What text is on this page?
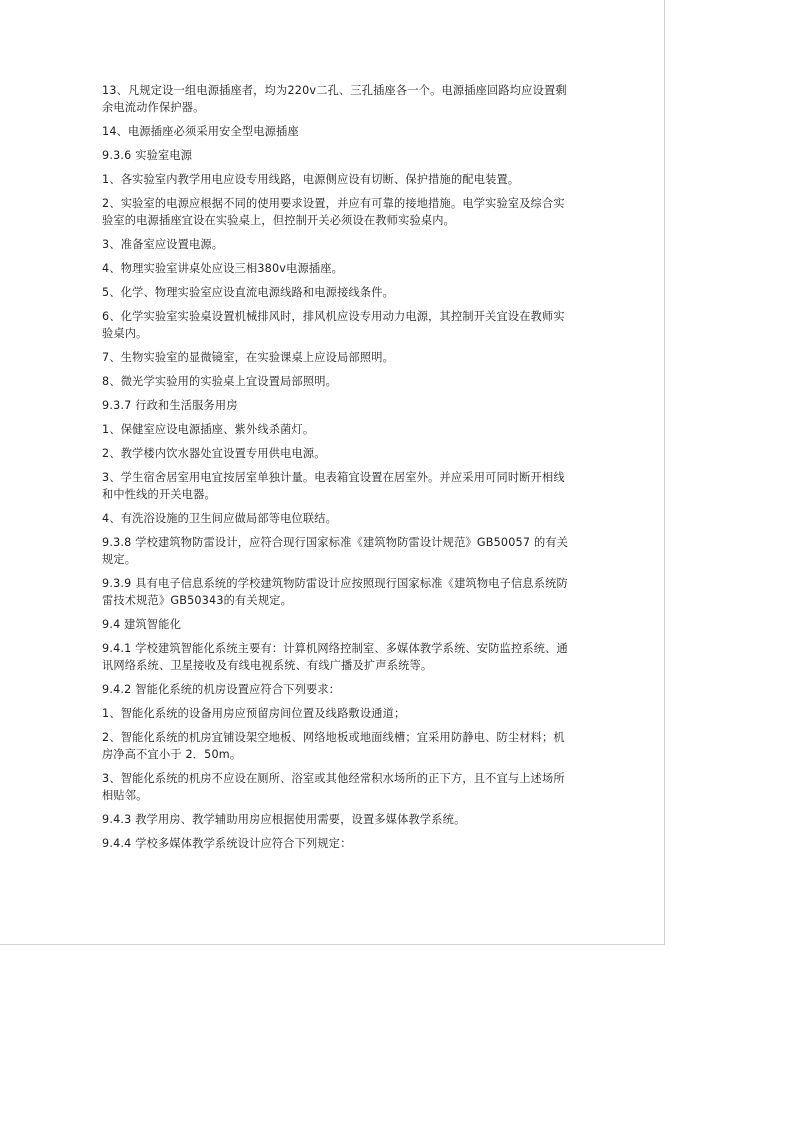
13、凡规定设一组电源插座者，均为220v二孔、三孔插座各一个。电源插座回路均应设置剩余电流动作保护器。

14、电源插座必须采用安全型电源插座

9.3.6 实验室电源

1、各实验室内教学用电应设专用线路，电源侧应设有切断、保护措施的配电装置。

2、实验室的电源应根据不同的使用要求设置，并应有可靠的接地措施。电学实验室及综合实验室的电源插座宜设在实验桌上，但控制开关必须设在教师实验桌内。

3、准备室应设置电源。

4、物理实验室讲桌处应设三相380v电源插座。

5、化学、物理实验室应设直流电源线路和电源接线条件。

6、化学实验室实验桌设置机械排风时，排风机应设专用动力电源，其控制开关宜设在教师实验桌内。

7、生物实验室的显微镜室，在实验课桌上应设局部照明。

8、微光学实验用的实验桌上宜设置局部照明。

9.3.7 行政和生活服务用房

1、保健室应设电源插座、紫外线杀菌灯。

2、教学楼内饮水器处宜设置专用供电电源。

3、学生宿舍居室用电宜按居室单独计量。电表箱宜设置在居室外。并应采用可同时断开相线和中性线的开关电器。

4、有洗浴设施的卫生间应做局部等电位联结。

9.3.8 学校建筑物防雷设计，应符合现行国家标准《建筑物防雷设计规范》GB50057 的有关规定。

9.3.9 具有电子信息系统的学校建筑物防雷设计应按照现行国家标准《建筑物电子信息系统防雷技术规范》GB50343的有关规定。

9.4 建筑智能化

9.4.1 学校建筑智能化系统主要有：计算机网络控制室、多媒体教学系统、安防监控系统、通讯网络系统、卫星接收及有线电视系统、有线广播及扩声系统等。

9.4.2 智能化系统的机房设置应符合下列要求：

1、智能化系统的设备用房应预留房间位置及线路敷设通道；

2、智能化系统的机房宜铺设架空地板、网络地板或地面线槽；宜采用防静电、防尘材料；机房净高不宜小于 2．50m。

3、智能化系统的机房不应设在厕所、浴室或其他经常积水场所的正下方，且不宜与上述场所相贴邻。

9.4.3 教学用房、教学辅助用房应根据使用需要，设置多媒体教学系统。

9.4.4 学校多媒体教学系统设计应符合下列规定：
